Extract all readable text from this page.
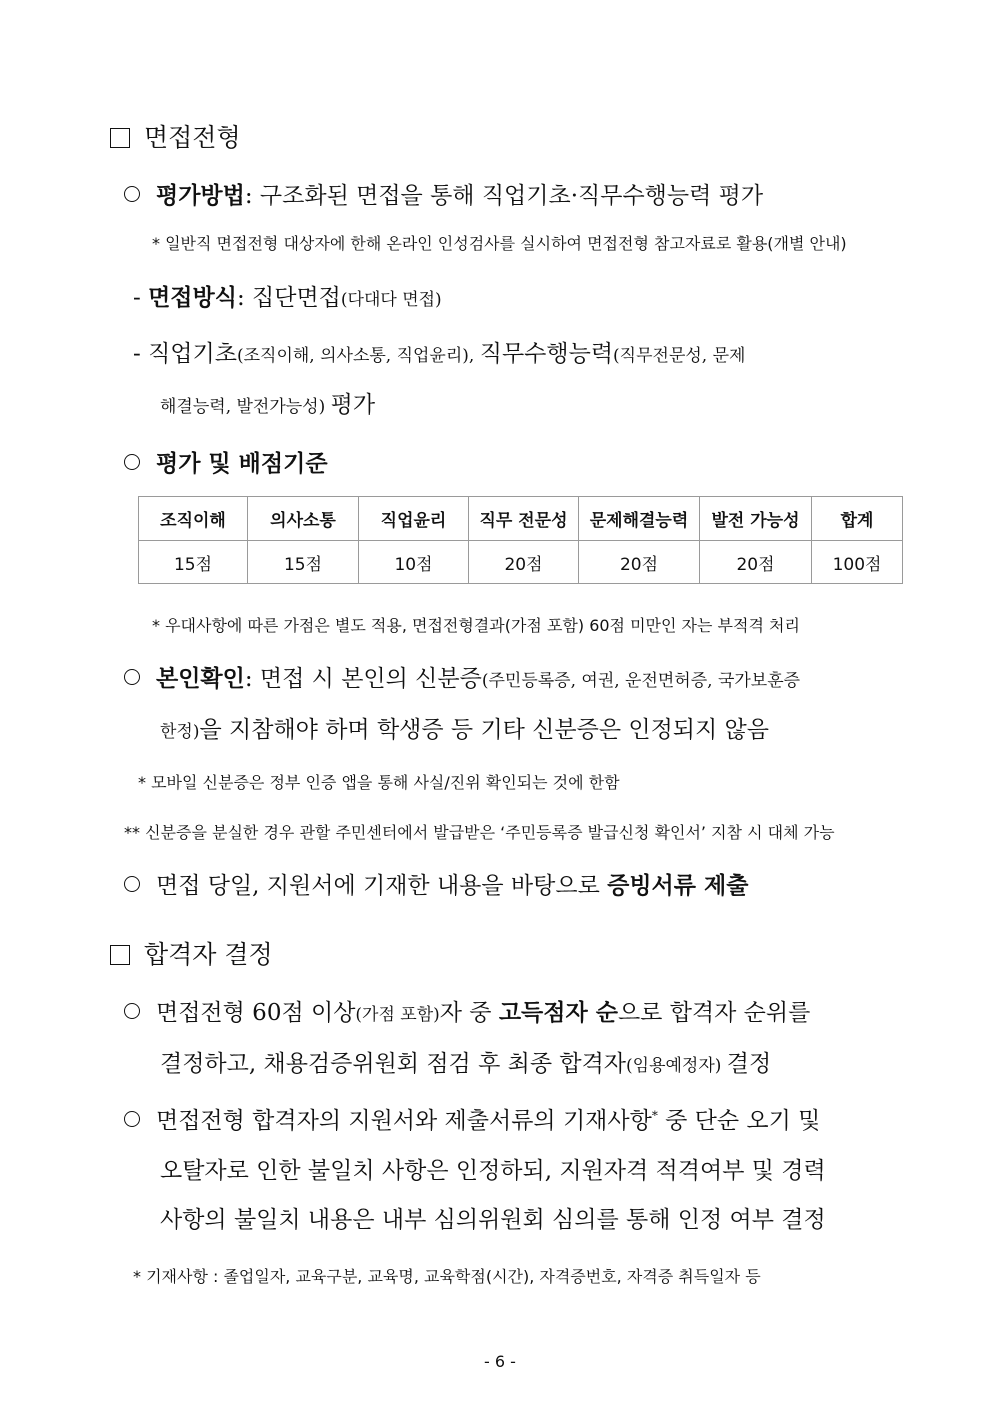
면접전형
평가방법: 구조화된 면접을 통해 직업기초·직무수행능력 평가
* 일반직 면접전형 대상자에 한해 온라인 인성검사를 실시하여 면접전형 참고자료로 활용(개별 안내)
- 면접방식: 집단면접(다대다 면접)
- 직업기초(조직이해, 의사소통, 직업윤리), 직무수행능력(직무전문성, 문제
해결능력, 발전가능성) 평가
평가 및 배점기준
조직이해	의사소통	직업윤리	직무 전문성	문제해결능력	발전 가능성	합계
15점	15점	10점	20점	20점	20점	100점
* 우대사항에 따른 가점은 별도 적용, 면접전형결과(가점 포함) 60점 미만인 자는 부적격 처리
본인확인: 면접 시 본인의 신분증(주민등록증, 여권, 운전면허증, 국가보훈증
한정)을 지참해야 하며 학생증 등 기타 신분증은 인정되지 않음
* 모바일 신분증은 정부 인증 앱을 통해 사실/진위 확인되는 것에 한함
** 신분증을 분실한 경우 관할 주민센터에서 발급받은 ‘주민등록증 발급신청 확인서’ 지참 시 대체 가능
면접 당일, 지원서에 기재한 내용을 바탕으로 증빙서류 제출
합격자 결정
면접전형 60점 이상(가점 포함)자 중 고득점자 순으로 합격자 순위를
결정하고, 채용검증위원회 점검 후 최종 합격자(임용예정자) 결정
면접전형 합격자의 지원서와 제출서류의 기재사항* 중 단순 오기 및
오탈자로 인한 불일치 사항은 인정하되, 지원자격 적격여부 및 경력
사항의 불일치 내용은 내부 심의위원회 심의를 통해 인정 여부 결정
* 기재사항 : 졸업일자, 교육구분, 교육명, 교육학점(시간), 자격증번호, 자격증 취득일자 등
- 6 -
